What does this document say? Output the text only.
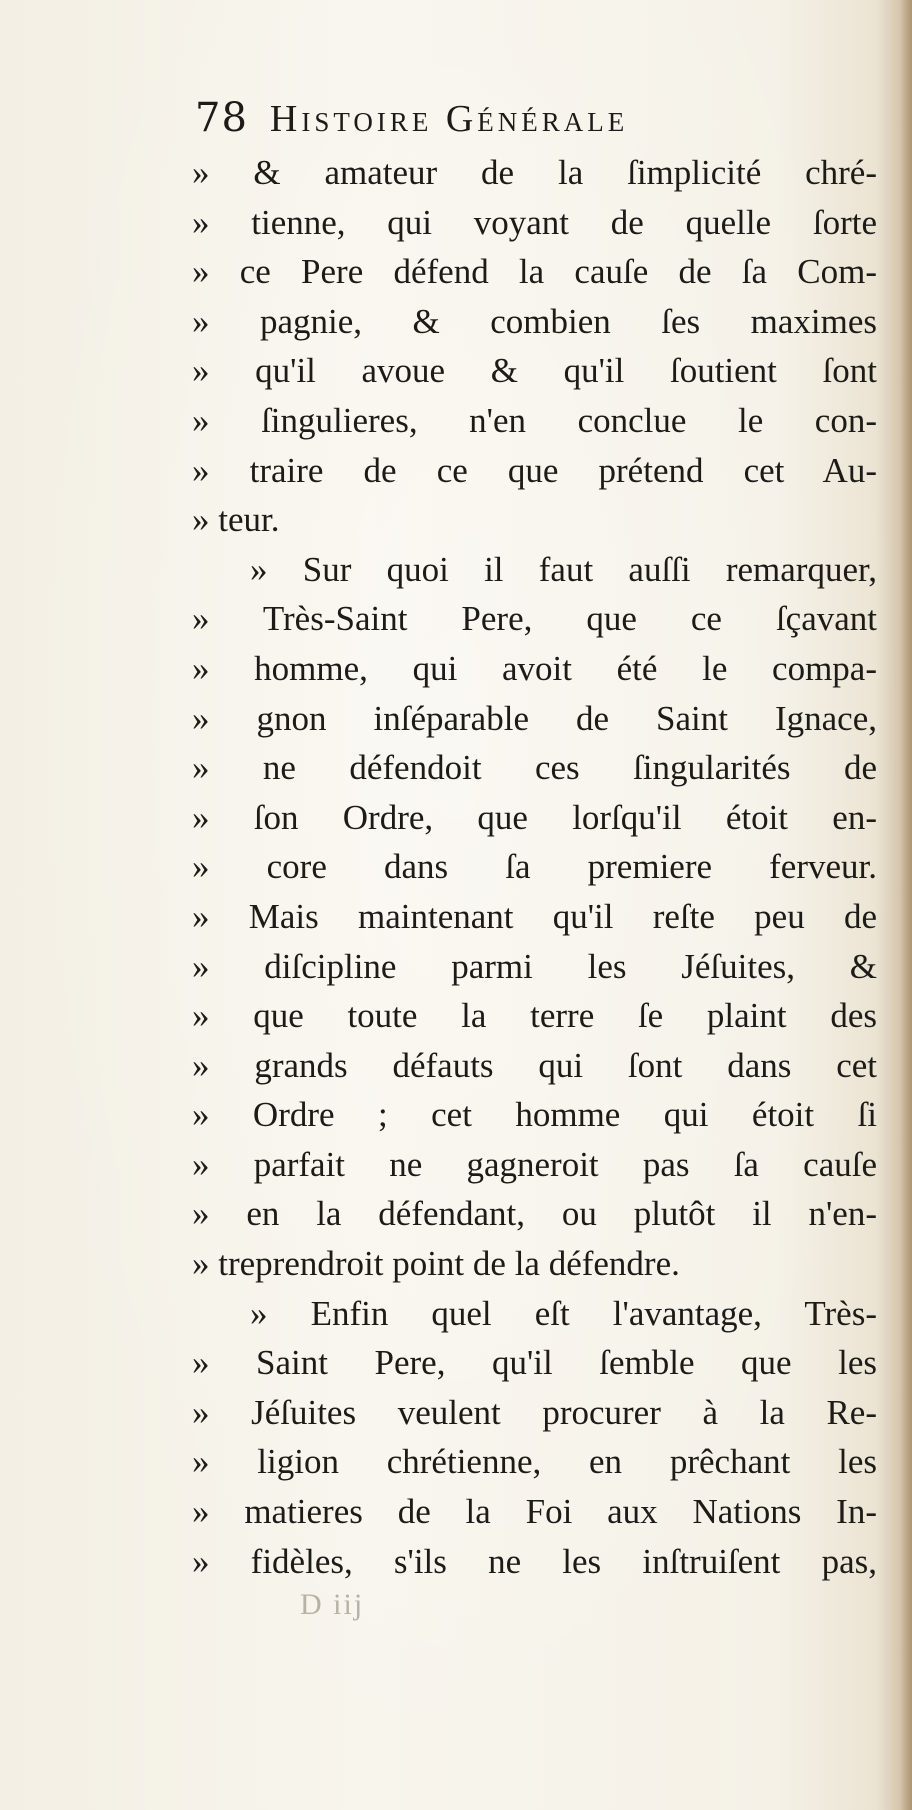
78 Histoire Générale
» & amateur de la ſimplicité chré-
» tienne, qui voyant de quelle ſorte
» ce Pere défend la cauſe de ſa Com-
» pagnie, & combien ſes maximes
» qu'il avoue & qu'il ſoutient ſont
» ſingulieres, n'en conclue le con-
» traire de ce que prétend cet Au-
» teur.
» Sur quoi il faut auſſi remarquer,
» Très-Saint Pere, que ce ſçavant
» homme, qui avoit été le compa-
» gnon inſéparable de Saint Ignace,
» ne défendoit ces ſingularités de
» ſon Ordre, que lorſqu'il étoit en-
» core dans ſa premiere ferveur.
» Mais maintenant qu'il reſte peu de
» diſcipline parmi les Jéſuites, &
» que toute la terre ſe plaint des
» grands défauts qui ſont dans cet
» Ordre ; cet homme qui étoit ſi
» parfait ne gagneroit pas ſa cauſe
» en la défendant, ou plutôt il n'en-
» treprendroit point de la défendre.
» Enfin quel eſt l'avantage, Très-
» Saint Pere, qu'il ſemble que les
» Jéſuites veulent procurer à la Re-
» ligion chrétienne, en prêchant les
» matieres de la Foi aux Nations In-
» fidèles, s'ils ne les inſtruiſent pas,
D iij
